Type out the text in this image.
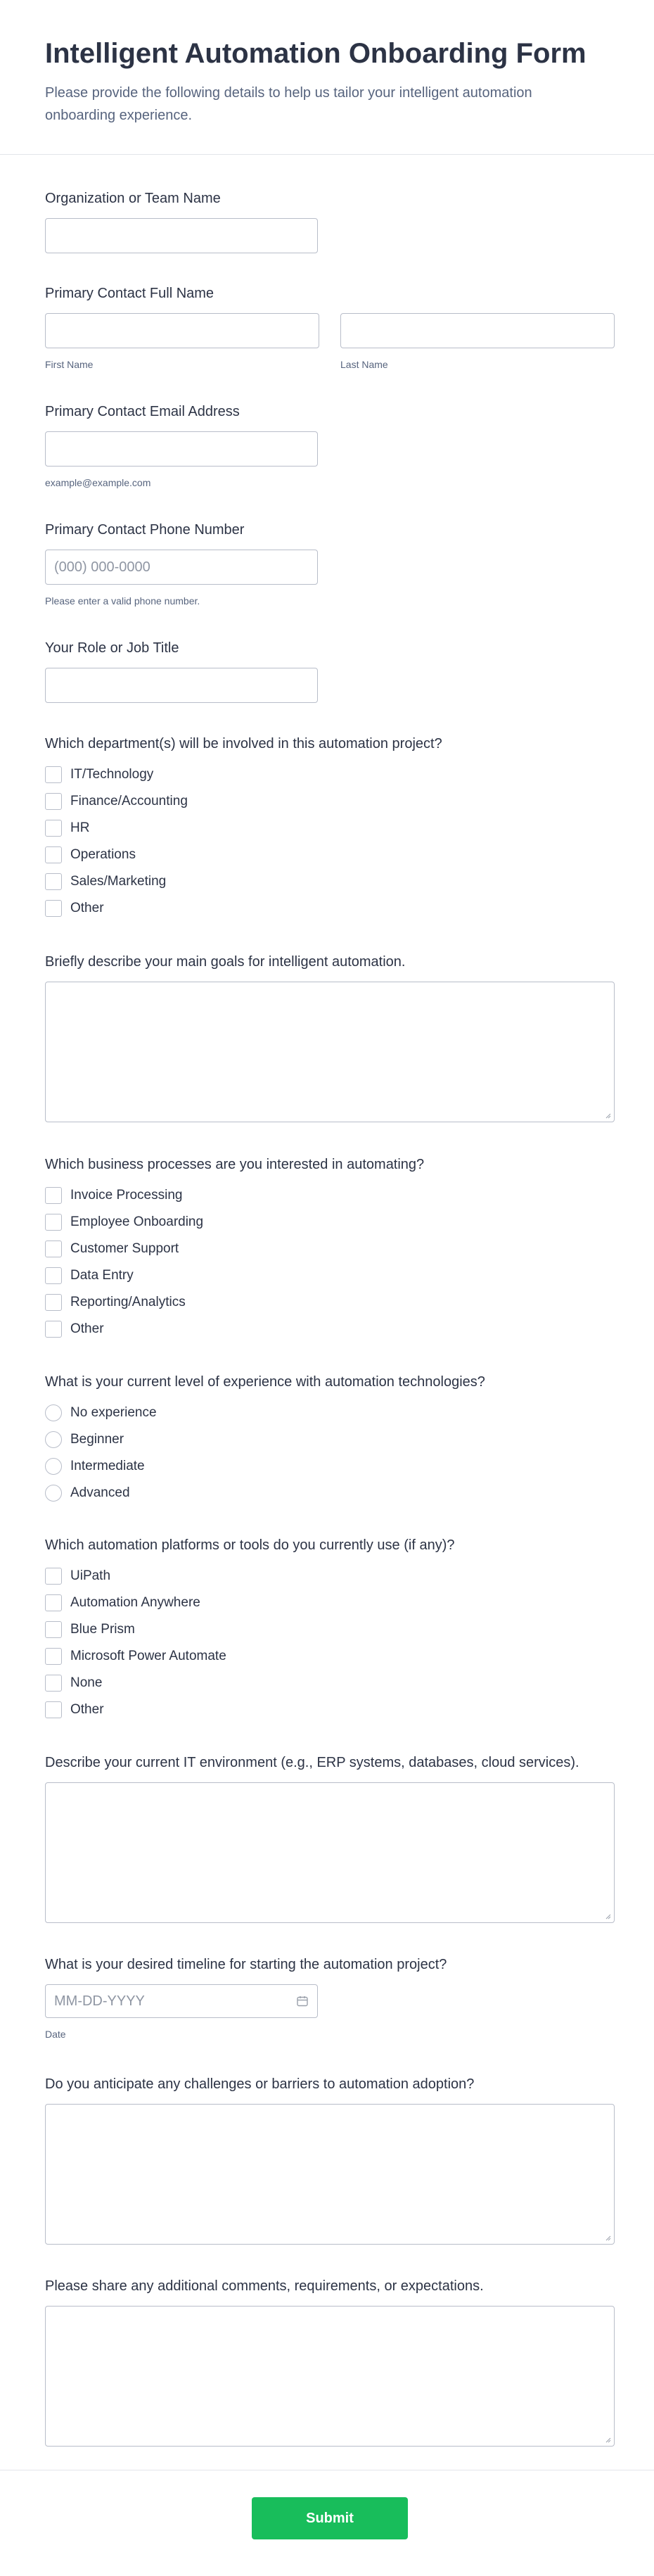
Intelligent Automation Onboarding Form

Please provide the following details to help us tailor your intelligent automation onboarding experience.

Organization or Team Name
Primary Contact Full Name
First Name	Last Name
Primary Contact Email Address
example@example.com
Primary Contact Phone Number
(000) 000-0000
Please enter a valid phone number.
Your Role or Job Title
Which department(s) will be involved in this automation project?
IT/Technology
Finance/Accounting
HR
Operations
Sales/Marketing
Other
Briefly describe your main goals for intelligent automation.
Which business processes are you interested in automating?
Invoice Processing
Employee Onboarding
Customer Support
Data Entry
Reporting/Analytics
Other
What is your current level of experience with automation technologies?
No experience
Beginner
Intermediate
Advanced
Which automation platforms or tools do you currently use (if any)?
UiPath
Automation Anywhere
Blue Prism
Microsoft Power Automate
None
Other
Describe your current IT environment (e.g., ERP systems, databases, cloud services).
What is your desired timeline for starting the automation project?
MM-DD-YYYY
Date
Do you anticipate any challenges or barriers to automation adoption?
Please share any additional comments, requirements, or expectations.
Submit
